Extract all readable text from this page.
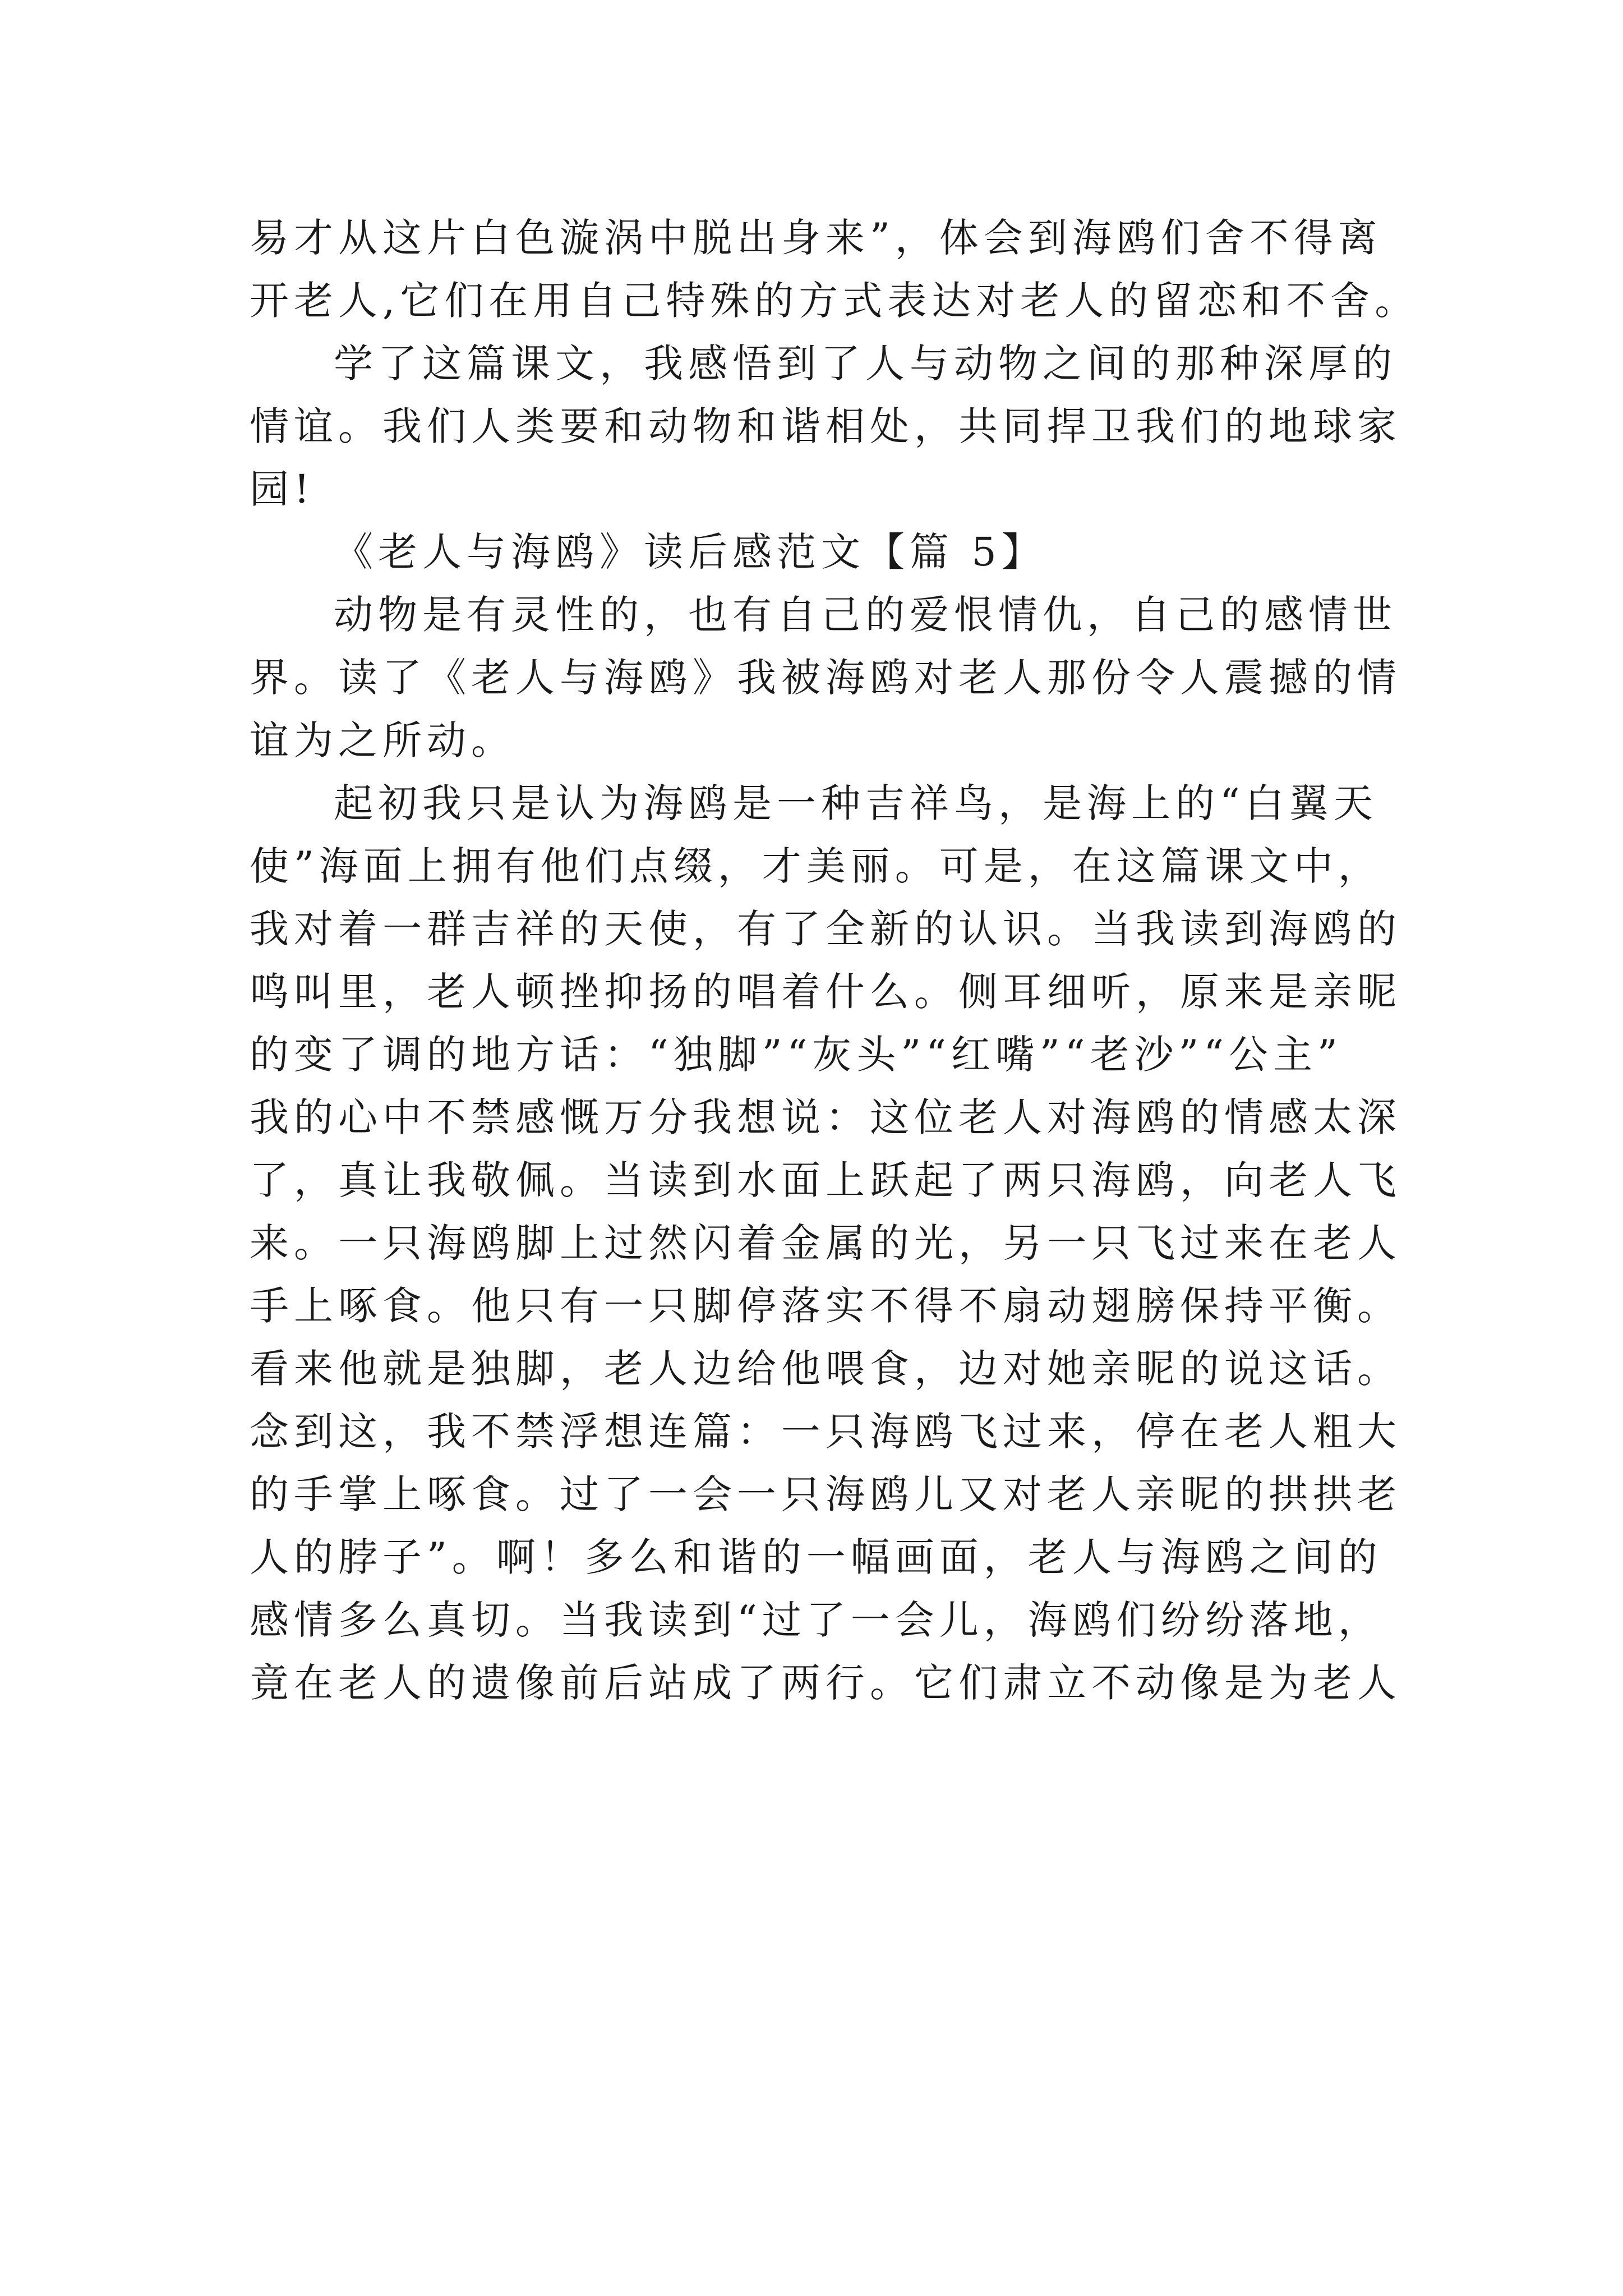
易才从这片白色漩涡中脱出身来”，体会到海鸥们舍不得离
开老人,它们在用自己特殊的方式表达对老人的留恋和不舍。
学了这篇课文，我感悟到了人与动物之间的那种深厚的
情谊。我们人类要和动物和谐相处，共同捍卫我们的地球家
园!
《老人与海鸥》读后感范文【篇 5】
动物是有灵性的，也有自己的爱恨情仇，自己的感情世
界。读了《老人与海鸥》我被海鸥对老人那份令人震撼的情
谊为之所动。
起初我只是认为海鸥是一种吉祥鸟，是海上的“白翼天
使”海面上拥有他们点缀，才美丽。可是，在这篇课文中，
我对着一群吉祥的天使，有了全新的认识。当我读到海鸥的
鸣叫里，老人顿挫抑扬的唱着什么。侧耳细听，原来是亲昵
的变了调的地方话：“独脚”“灰头”“红嘴”“老沙”“公主”
我的心中不禁感慨万分我想说：这位老人对海鸥的情感太深
了，真让我敬佩。当读到水面上跃起了两只海鸥，向老人飞
来。一只海鸥脚上过然闪着金属的光，另一只飞过来在老人
手上啄食。他只有一只脚停落实不得不扇动翅膀保持平衡。
看来他就是独脚，老人边给他喂食，边对她亲昵的说这话。
念到这，我不禁浮想连篇：一只海鸥飞过来，停在老人粗大
的手掌上啄食。过了一会一只海鸥儿又对老人亲昵的拱拱老
人的脖子”。啊！多么和谐的一幅画面，老人与海鸥之间的
感情多么真切。当我读到“过了一会儿，海鸥们纷纷落地，
竟在老人的遗像前后站成了两行。它们肃立不动像是为老人
